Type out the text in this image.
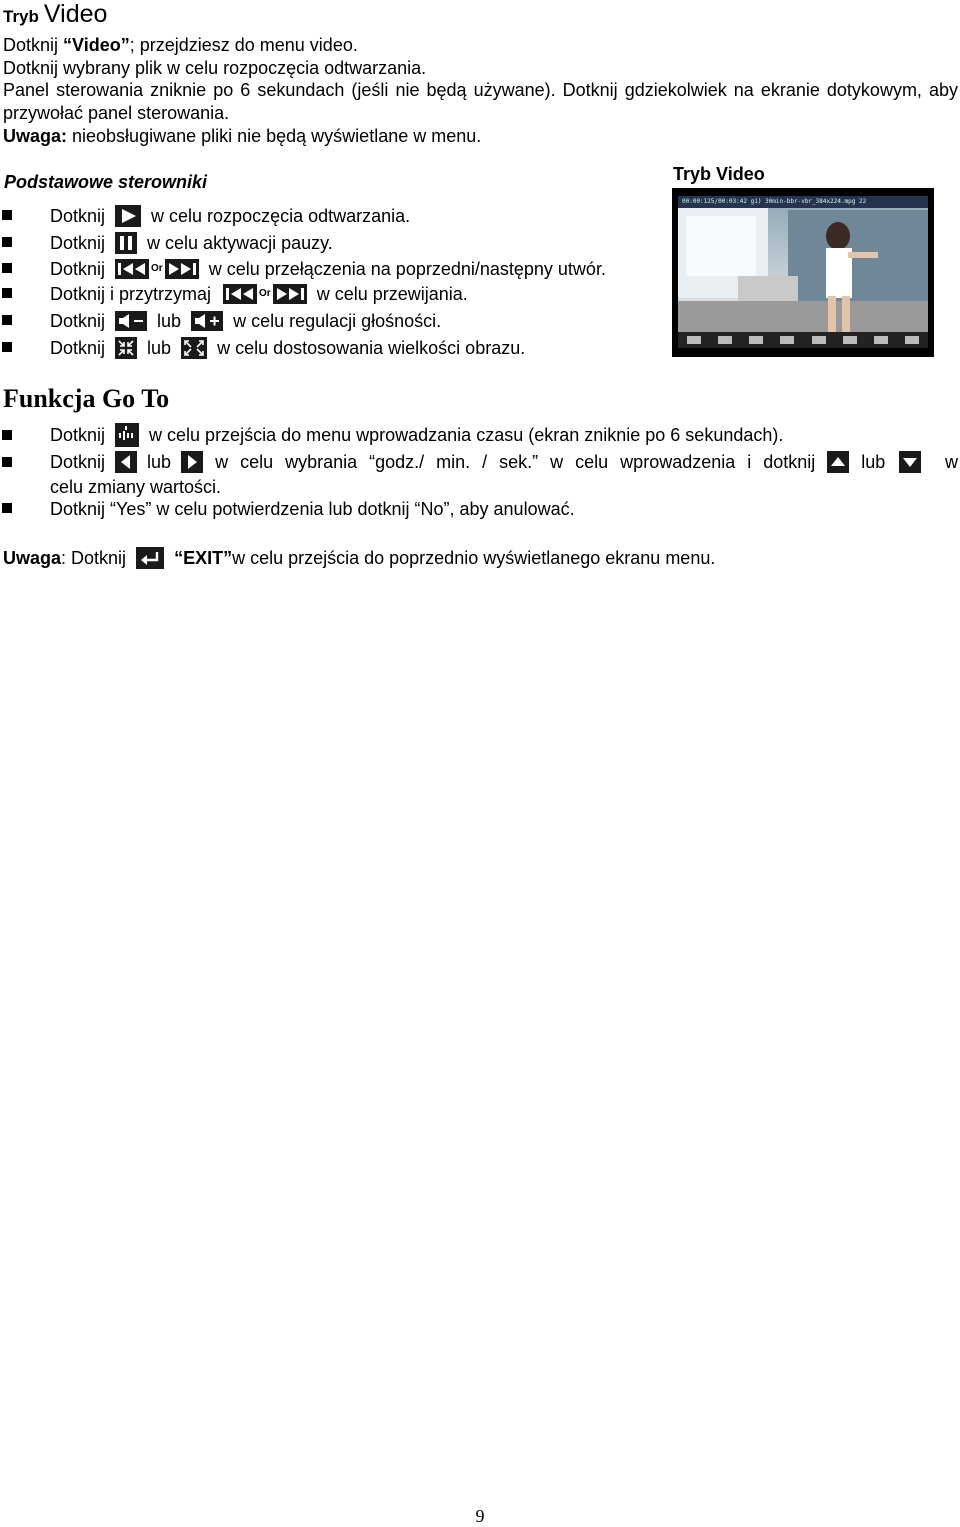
Tryb Video
Dotknij “Video”; przejdziesz do menu video.
Dotknij wybrany plik w celu rozpoczęcia odtwarzania.
Panel sterowania zniknie po 6 sekundach (jeśli nie będą używane). Dotknij gdziekolwiek na ekranie dotykowym, aby przywołać panel sterowania.
Uwaga: nieobsługiwane pliki nie będą wyświetlane w menu.
Podstawowe sterowniki	Tryb Video
00:00:125/00:03:42 g1) 30min-bbr-vbr_384x224.mpg 22
Dotknij	w celu rozpoczęcia odtwarzania.
Dotknij w celu aktywacji pauzy.
Dotknij	Or	w celu przełączenia na poprzedni/następny utwór.
Dotknij i przytrzymaj	Or	w celu przewijania.
Dotknij	lub	w celu regulacji głośności.
Dotknij lub	w celu dostosowania wielkości obrazu.
Funkcja Go To
Dotknij w celu przejścia do menu wprowadzania czasu (ekran zniknie po 6 sekundach).
Dotknij lub w celu wybrania “godz./ min. / sek.” w celu wprowadzenia i dotknij	lub	w
celu zmiany wartości.
Dotknij “Yes” w celu potwierdzenia lub dotknij “No”, aby anulować.
Uwaga : Dotknij	“EXIT” w celu przejścia do poprzednio wyświetlanego ekranu menu.
9
